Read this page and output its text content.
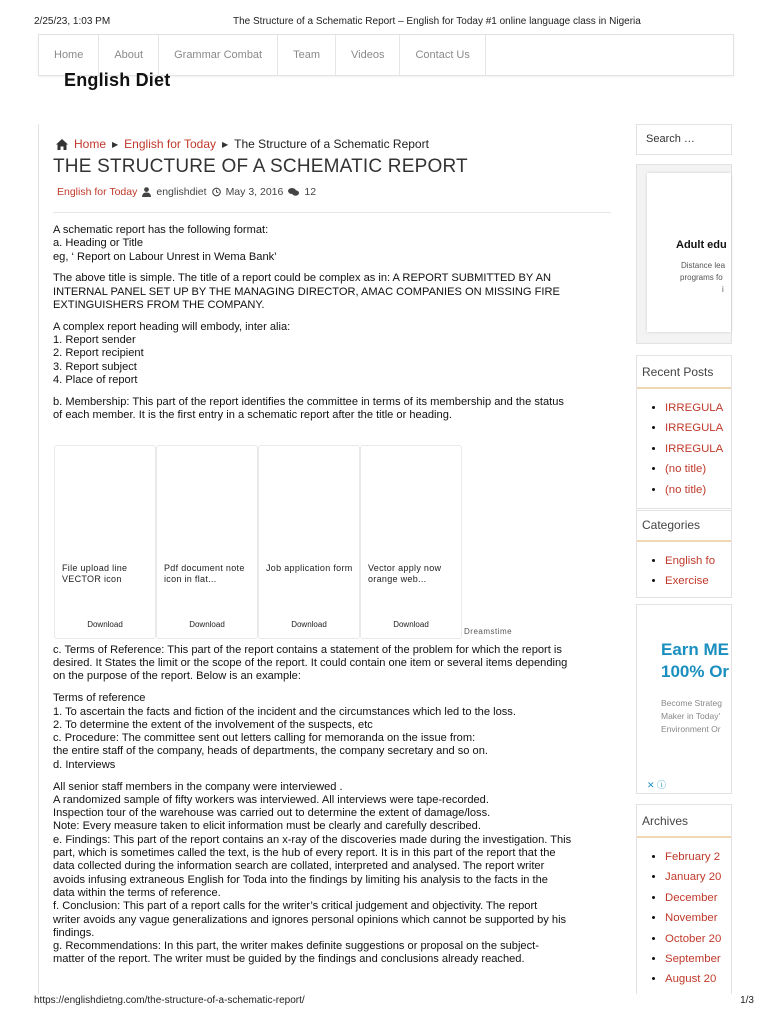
2/25/23, 1:03 PM	The Structure of a Schematic Report – English for Today #1 online language class in Nigeria
Home	About	Grammar Combat	Team	Videos	Contact Us
English Diet
Home ▶ English for Today ▶ The Structure of a Schematic Report
THE STRUCTURE OF A SCHEMATIC REPORT
English for Today englishdiet May 3, 2016 12

A schematic report has the following format:
a. Heading or Title
eg, ‘ Report on Labour Unrest in Wema Bank’

The above title is simple. The title of a report could be complex as in: A REPORT SUBMITTED BY AN
INTERNAL PANEL SET UP BY THE MANAGING DIRECTOR, AMAC COMPANIES ON MISSING FIRE
EXTINGUISHERS FROM THE COMPANY.

A complex report heading will embody, inter alia:
1. Report sender
2. Report recipient
3. Report subject
4. Place of report

b. Membership: This part of the report identifies the committee in terms of its membership and the status
of each member. It is the first entry in a schematic report after the title or heading.

c. Terms of Reference: This part of the report contains a statement of the problem for which the report is
desired. It States the limit or the scope of the report. It could contain one item or several items depending
on the purpose of the report. Below is an example:

Terms of reference
1. To ascertain the facts and fiction of the incident and the circumstances which led to the loss.
2. To determine the extent of the involvement of the suspects, etc
c. Procedure: The committee sent out letters calling for memoranda on the issue from:
the entire staff of the company, heads of departments, the company secretary and so on.
d. Interviews

All senior staff members in the company were interviewed .
A randomized sample of fifty workers was interviewed. All interviews were tape-recorded.
Inspection tour of the warehouse was carried out to determine the extent of damage/loss.
Note: Every measure taken to elicit information must be clearly and carefully described.
e. Findings: This part of the report contains an x-ray of the discoveries made during the investigation. This
part, which is sometimes called the text, is the hub of every report. It is in this part of the report that the
data collected during the information search are collated, interpreted and analysed. The report writer
avoids infusing extraneous English for Toda into the findings by limiting his analysis to the facts in the
data within the terms of reference.
f. Conclusion: This part of a report calls for the writer’s critical judgement and objectivity. The report
writer avoids any vague generalizations and ignores personal opinions which cannot be supported by his
findings.
g. Recommendations: In this part, the writer makes definite suggestions or proposal on the subject-
matter of the report. The writer must be guided by the findings and conclusions already reached.

File upload line VECTOR icon
Download
Pdf document note icon in flat...
Download
Job application form
Download
Vector apply now orange web...
Download
Dreamstime
Search …
Adult edu
Distance lea
programs fo
i
Recent Posts
• IRREGULA
• IRREGULA
• IRREGULA
• (no title)
• (no title)
Categories
• English fo
• Exercise
Earn ME
100% Or
Become Strateg
Maker in Today'
Environment Or
✕ ⓘ
Archives
• February 2
• January 20
• December
• November
• October 20
• September
• August 20
https://englishdietng.com/the-structure-of-a-schematic-report/	1/3
